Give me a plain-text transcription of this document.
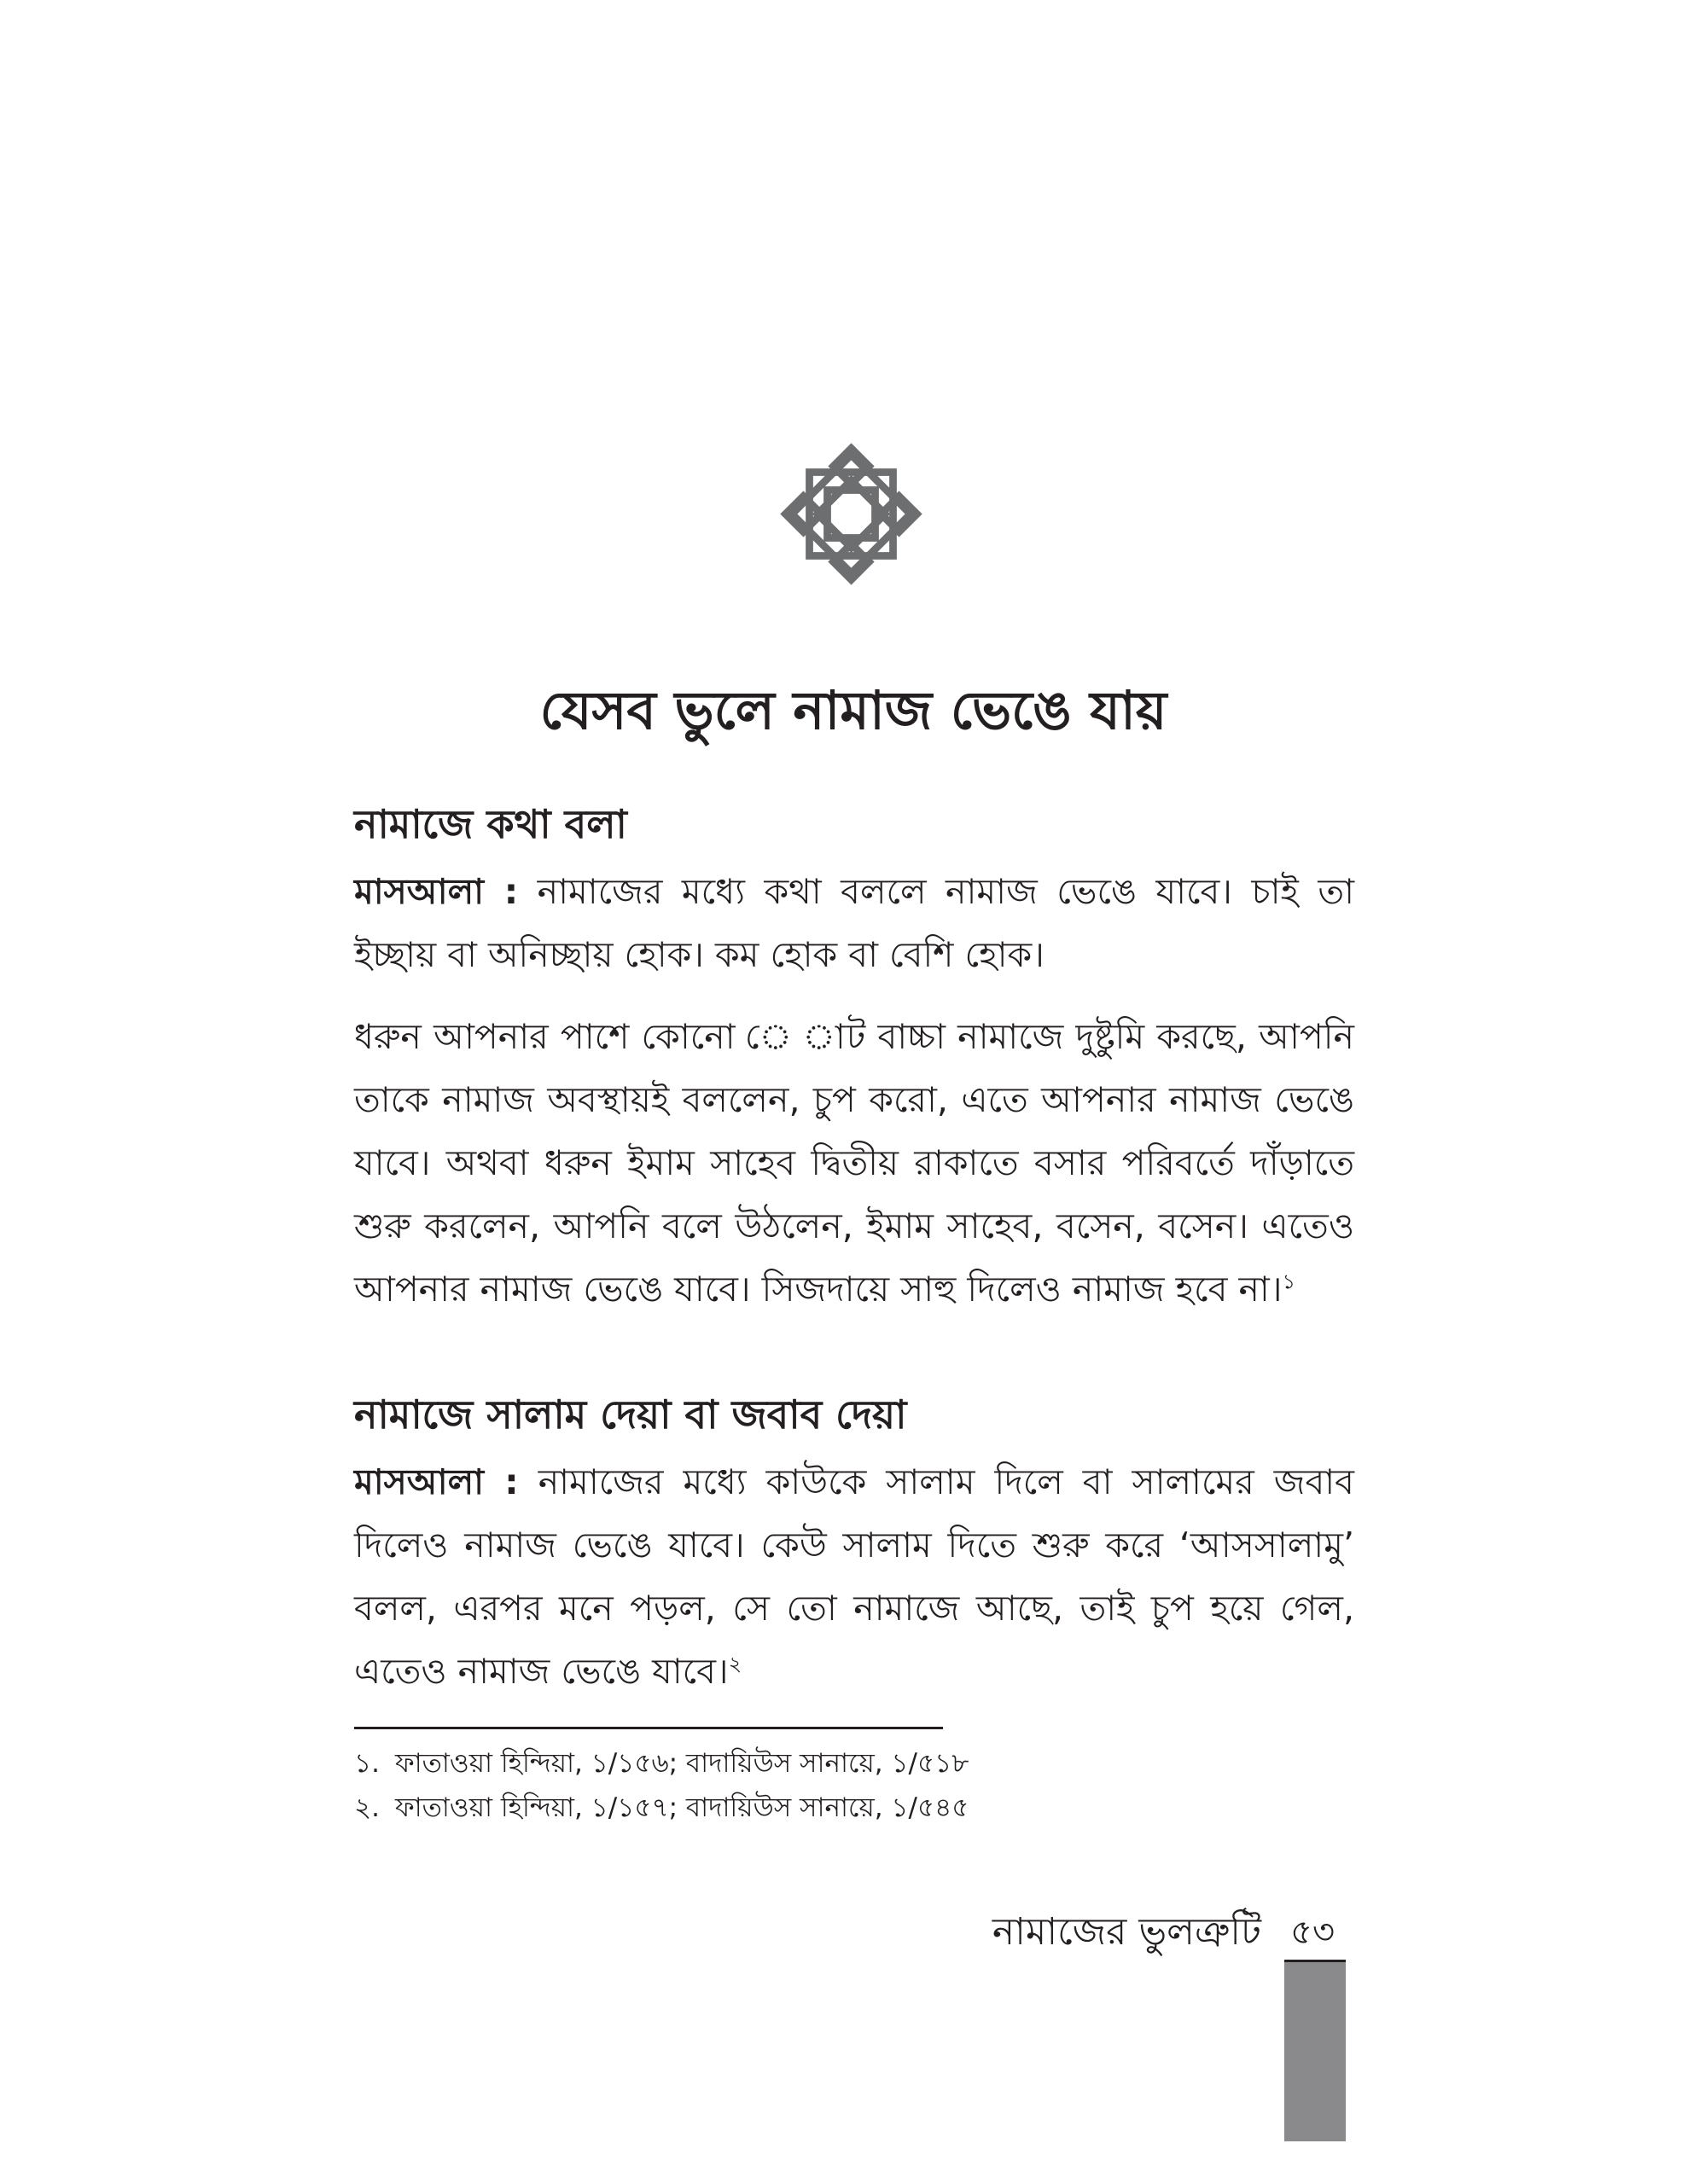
যেসব ভুলে নামাজ ভেঙে যায়
নামাজে কথা বলা

মাসআলা : নামাজের মধ্যে কথা বললে নামাজ ভেঙে যাবে। চাই তা ইচ্ছায় বা অনিচ্ছায় হোক। কম হোক বা বেশি হোক।

ধরুন আপনার পাশে কোনো ে াট বাচ্চা নামাজে দুষ্টুমি করছে, আপনি তাকে নামাজ অবস্থায়ই বললেন, চুপ করো, এতে আপনার নামাজ ভেঙে যাবে। অথবা ধরুন ইমাম সাহেব দ্বিতীয় রাকাতে বসার পরিবর্তে দাঁড়াতে শুরু করলেন, আপনি বলে উঠলেন, ইমাম সাহেব, বসেন, বসেন। এতেও আপনার নামাজ ভেঙে যাবে। সিজদায়ে সাহু দিলেও নামাজ হবে না।$^১$

নামাজে সালাম দেয়া বা জবাব দেয়া

মাসআলা : নামাজের মধ্যে কাউকে সালাম দিলে বা সালামের জবাব দিলেও নামাজ ভেঙে যাবে। কেউ সালাম দিতে শুরু করে ‘আসসালামু’ বলল, এরপর মনে পড়ল, সে তো নামাজে আছে, তাই চুপ হয়ে গেল, এতেও নামাজ ভেঙে যাবে।$^২$

১. ফাতাওয়া হিন্দিয়া, ১/১৫৬; বাদায়িউস সানায়ে, ১/৫১৮

২. ফাতাওয়া হিন্দিয়া, ১/১৫৭; বাদায়িউস সানায়ে, ১/৫৪৫

নামাজের ভুলত্রুটি ৫৩
